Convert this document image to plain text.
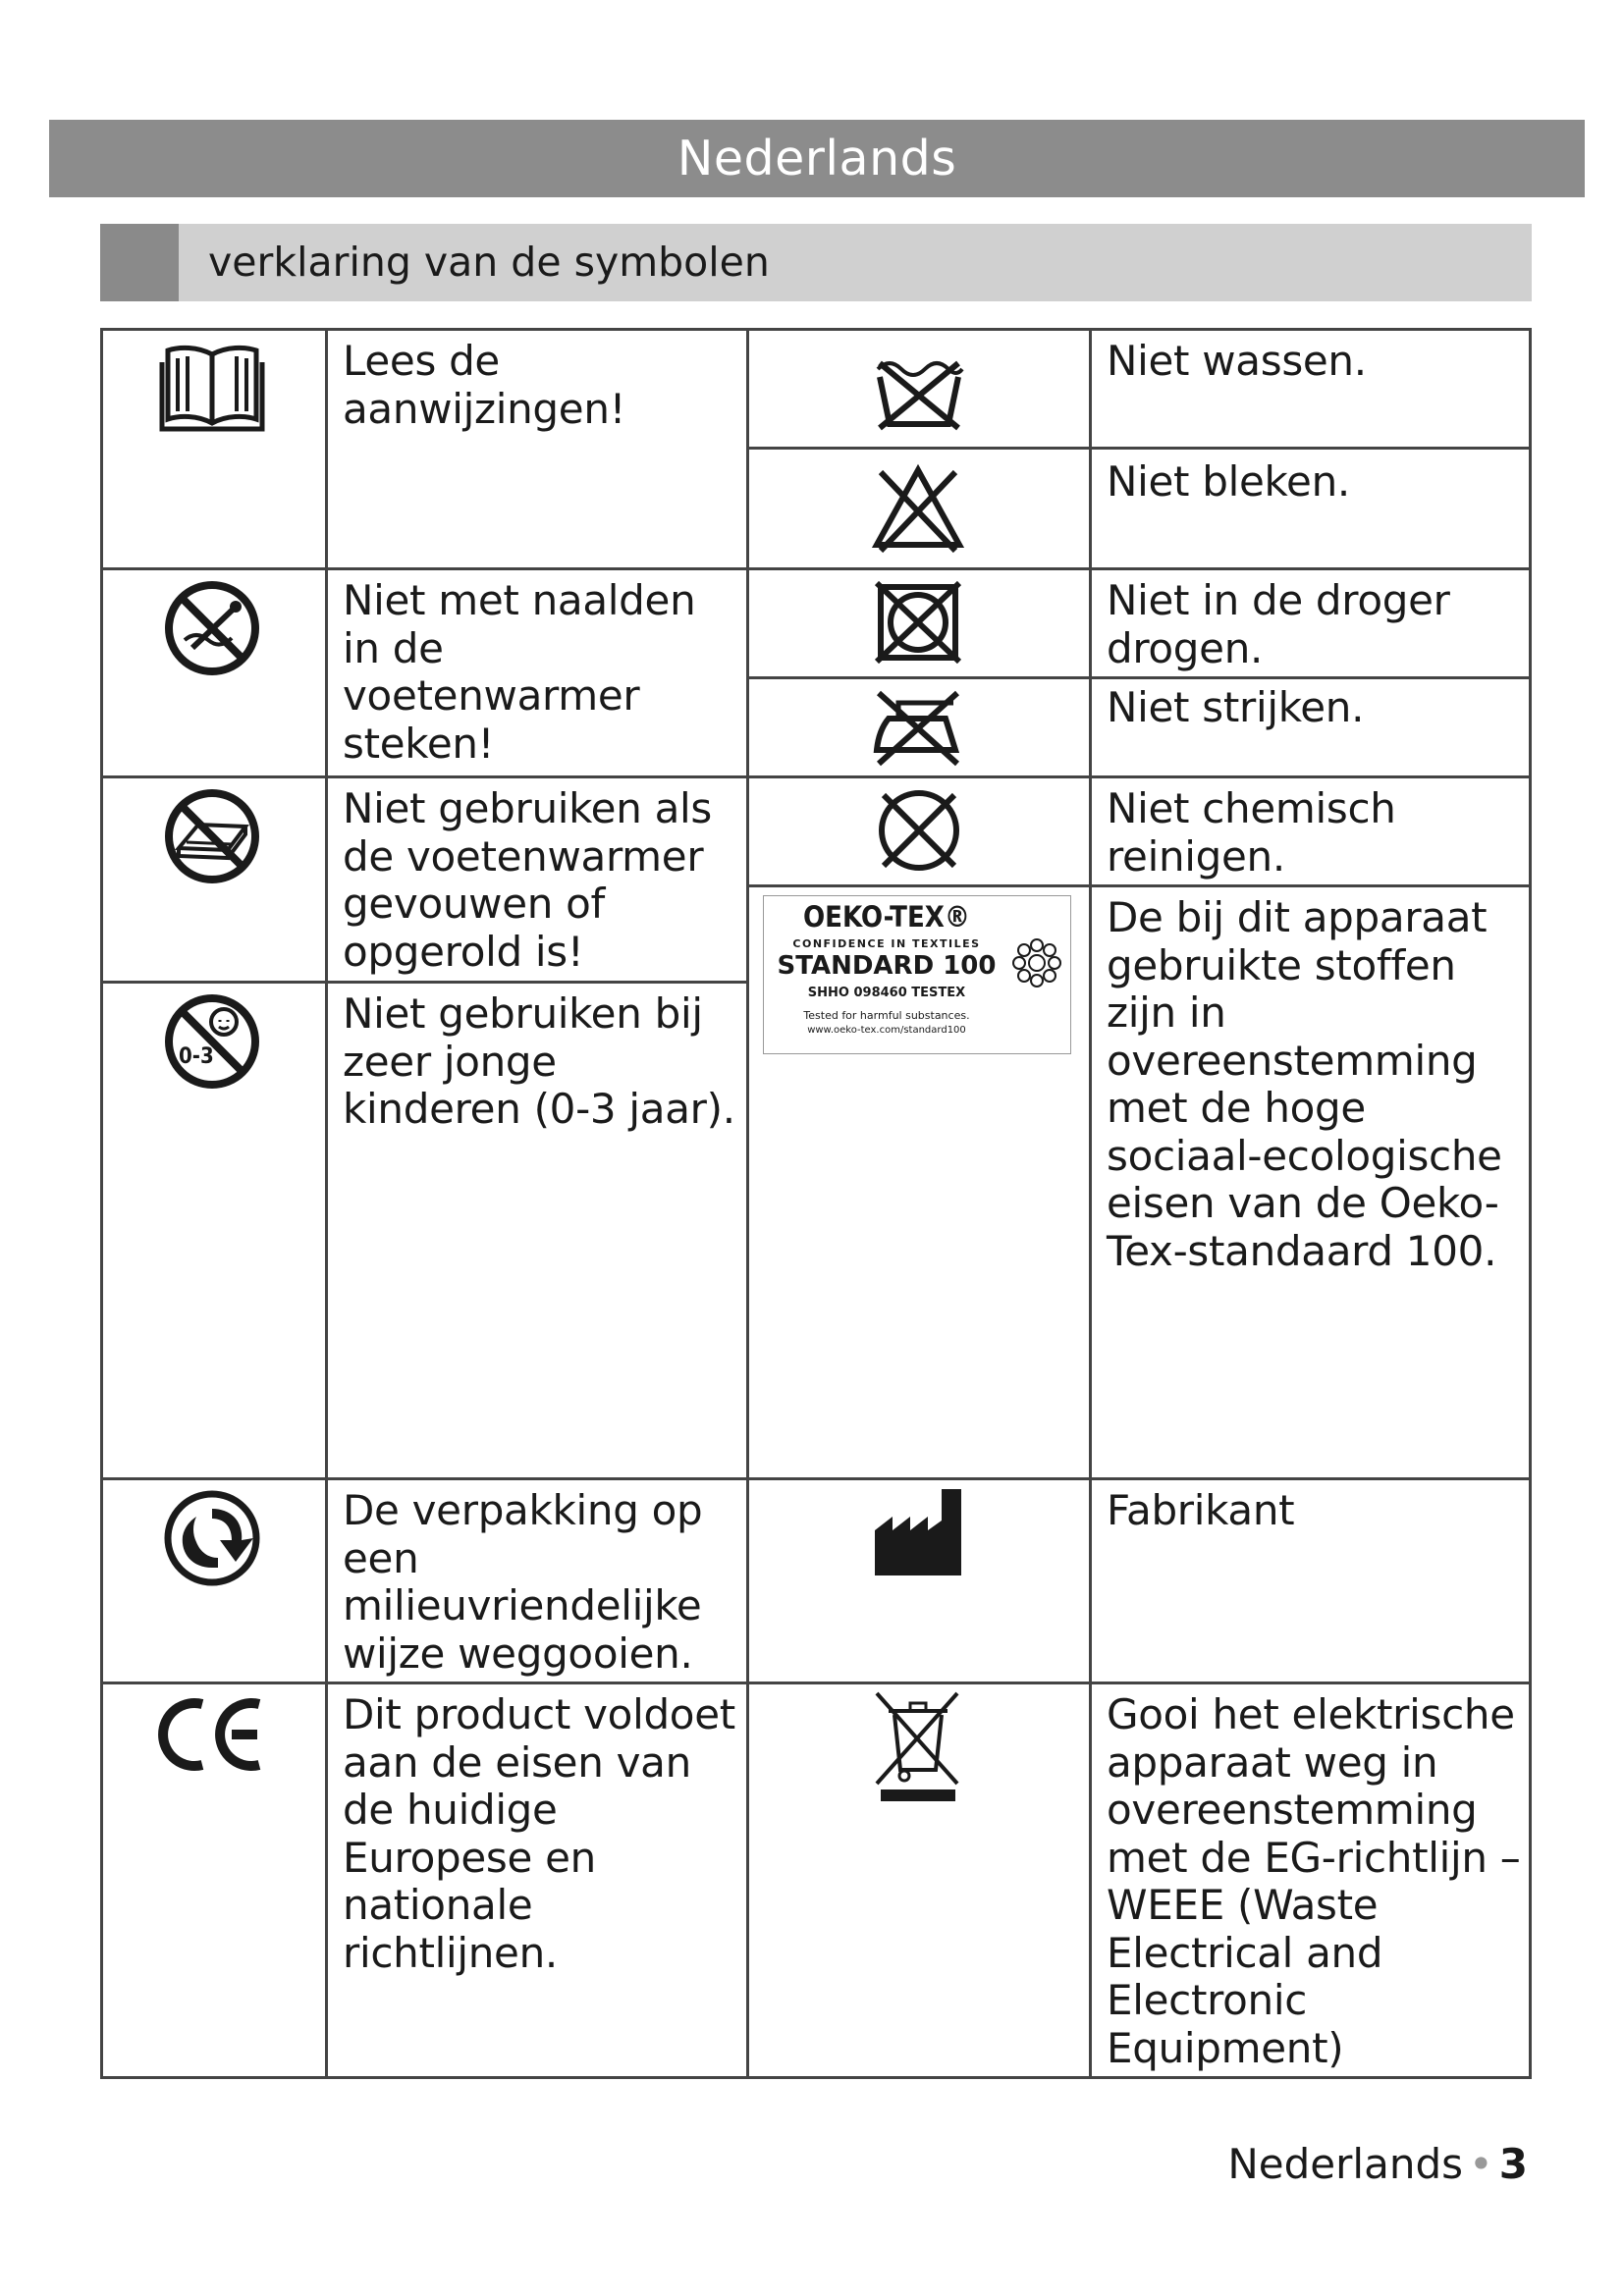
Nederlands
verklaring van de symbolen
0-3
Lees de aanwijzingen!
Niet met naalden in de voetenwarmer steken!
Niet gebruiken als de voetenwarmer gevouwen of opgerold is!
Niet gebruiken bij zeer jonge kinderen (0-3 jaar).
De verpakking op een milieuvriendelijke wijze weggooien.
Dit product voldoet aan de eisen van de huidige Europese en nationale richtlijnen.
OEKO-TEX®
CONFIDENCE IN TEXTILES
STANDARD 100
SHHO 098460 TESTEX
Tested for harmful substances.
www.oeko-tex.com/standard100
Niet wassen.
Niet bleken.
Niet in de droger drogen.
Niet strijken.
Niet chemisch reinigen.
De bij dit apparaat gebruikte stoffen zijn in overeenstemming met de hoge sociaal-ecologische eisen van de Oeko-Tex-standaard 100.
Fabrikant
Gooi het elektrische apparaat weg in overeenstemming met de EG-richtlijn – WEEE (Waste Electrical and Electronic Equipment)
Nederlands • 3
